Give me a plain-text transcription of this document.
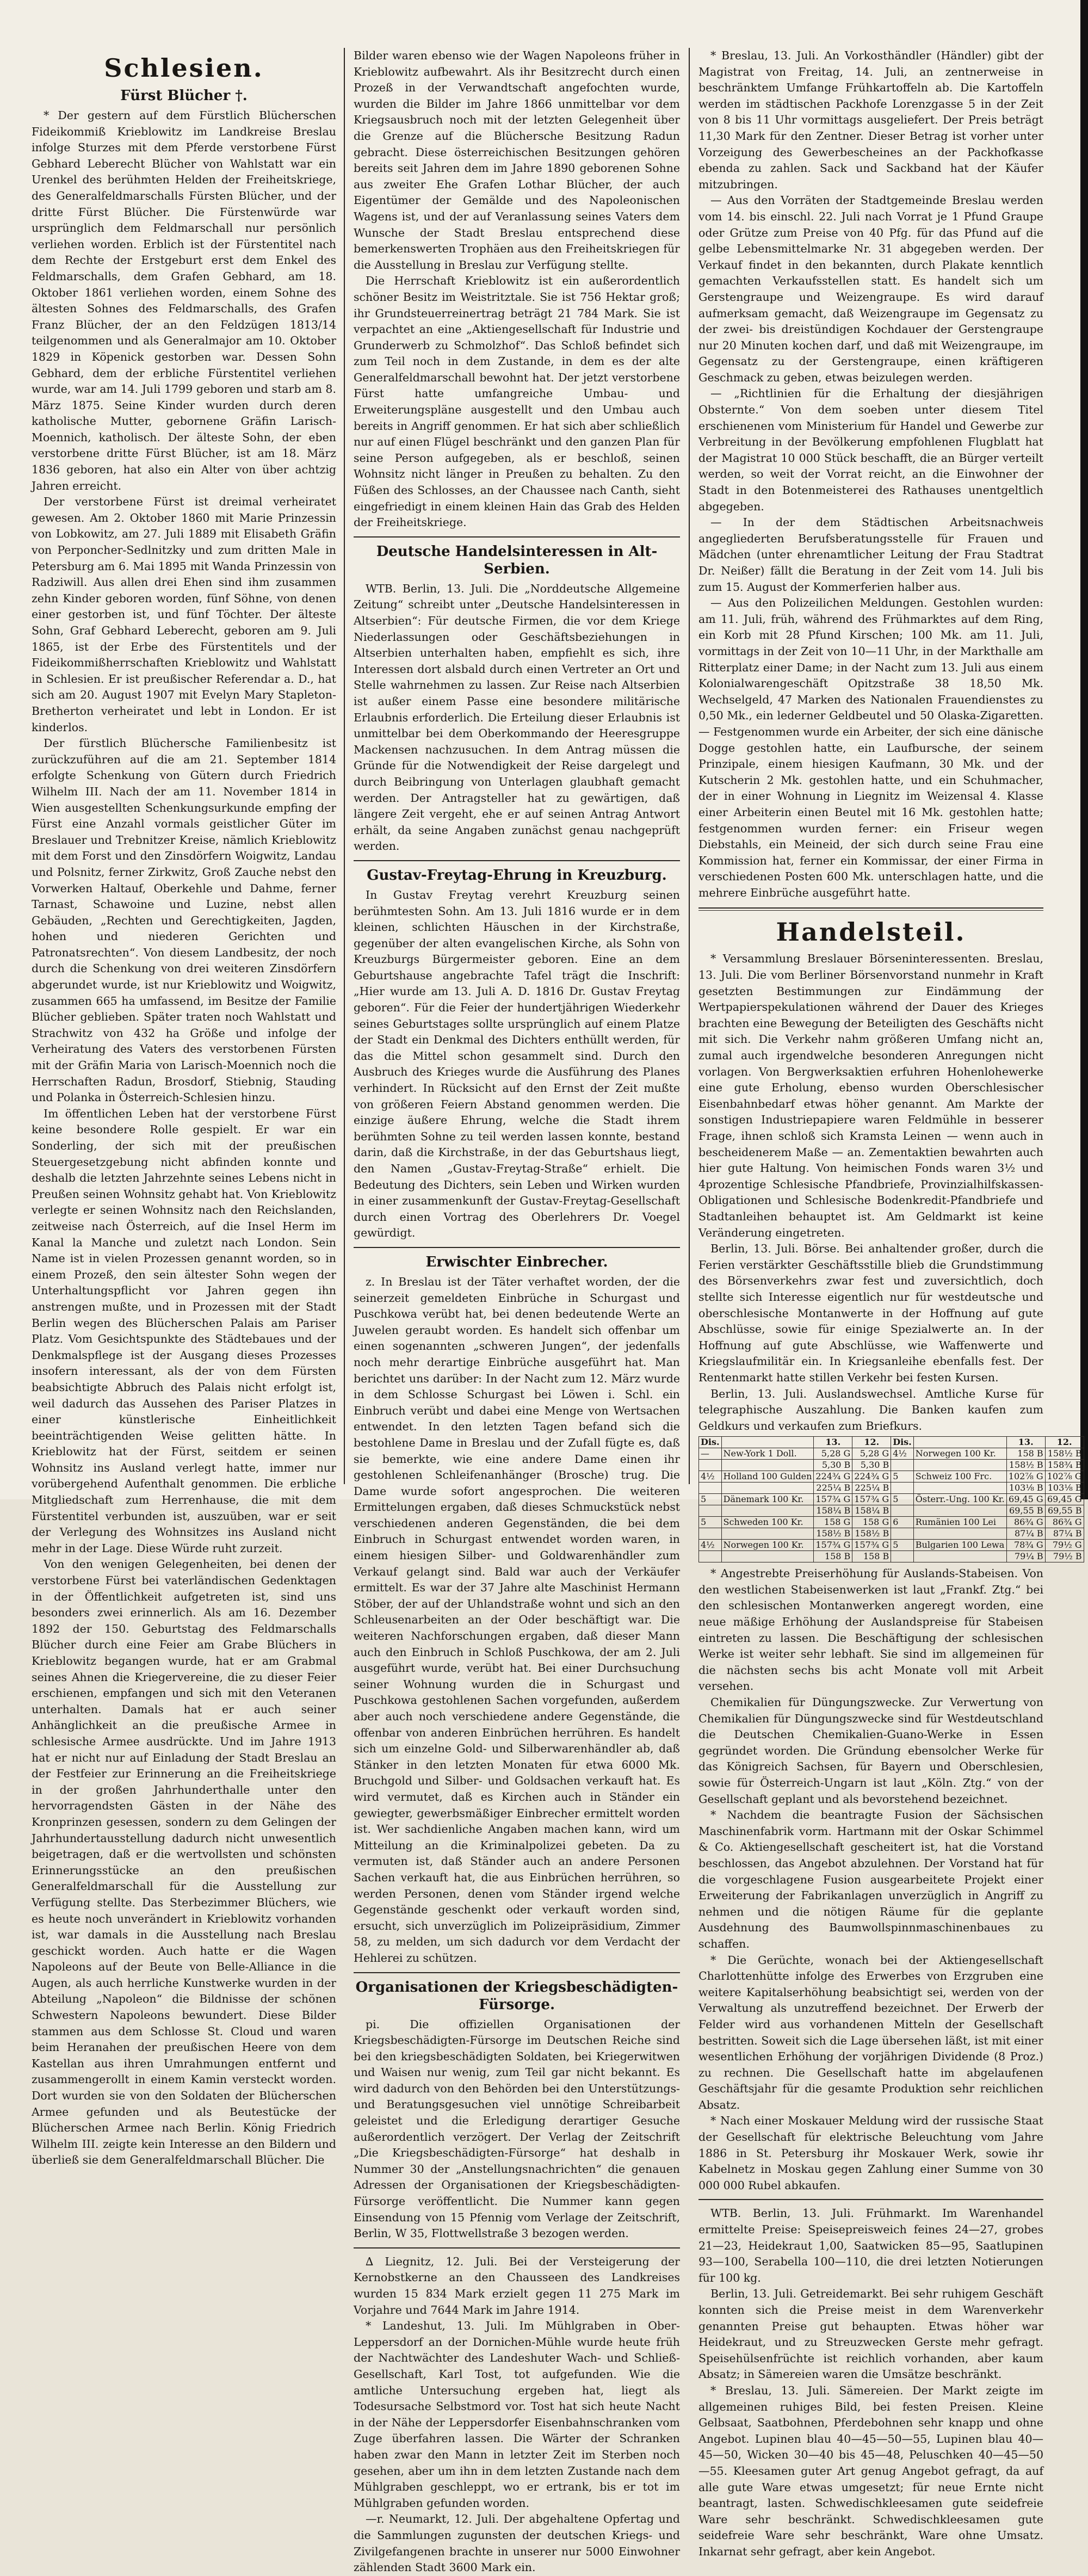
Schlesien.
Fürst Blücher †.

* Der gestern auf dem Fürstlich Blücherschen Fideikommiß Krieblowitz im Landkreise Breslau infolge Sturzes mit dem Pferde verstorbene Fürst Gebhard Leberecht Blücher von Wahlstatt war ein Urenkel des berühmten Helden der Freiheitskriege, des Generalfeldmarschalls Fürsten Blücher, und der dritte Fürst Blücher. Die Fürstenwürde war ursprünglich dem Feldmarschall nur persönlich verliehen worden. Erblich ist der Fürstentitel nach dem Rechte der Erstgeburt erst dem Enkel des Feldmarschalls, dem Grafen Gebhard, am 18. Oktober 1861 verliehen worden, einem Sohne des ältesten Sohnes des Feldmarschalls, des Grafen Franz Blücher, der an den Feldzügen 1813/14 teilgenommen und als Generalmajor am 10. Oktober 1829 in Köpenick gestorben war. Dessen Sohn Gebhard, dem der erbliche Fürstentitel verliehen wurde, war am 14. Juli 1799 geboren und starb am 8. März 1875. Seine Kinder wurden durch deren katholische Mutter, gebornene Gräfin Larisch-Moennich, katholisch. Der älteste Sohn, der eben verstorbene dritte Fürst Blücher, ist am 18. März 1836 geboren, hat also ein Alter von über achtzig Jahren erreicht.

Der verstorbene Fürst ist dreimal verheiratet gewesen. Am 2. Oktober 1860 mit Marie Prinzessin von Lobkowitz, am 27. Juli 1889 mit Elisabeth Gräfin von Perponcher-Sedlnitzky und zum dritten Male in Petersburg am 6. Mai 1895 mit Wanda Prinzessin von Radziwill. Aus allen drei Ehen sind ihm zusammen zehn Kinder geboren worden, fünf Söhne, von denen einer gestorben ist, und fünf Töchter. Der älteste Sohn, Graf Gebhard Leberecht, geboren am 9. Juli 1865, ist der Erbe des Fürstentitels und der Fideikommißherrschaften Krieblowitz und Wahlstatt in Schlesien. Er ist preußischer Referendar a. D., hat sich am 20. August 1907 mit Evelyn Mary Stapleton-Bretherton verheiratet und lebt in London. Er ist kinderlos.

Der fürstlich Blüchersche Familienbesitz ist zurückzuführen auf die am 21. September 1814 erfolgte Schenkung von Gütern durch Friedrich Wilhelm III. Nach der am 11. November 1814 in Wien ausgestellten Schenkungsurkunde empfing der Fürst eine Anzahl vormals geistlicher Güter im Breslauer und Trebnitzer Kreise, nämlich Krieblowitz mit dem Forst und den Zinsdörfern Woigwitz, Landau und Polsnitz, ferner Zirkwitz, Groß Zauche nebst den Vorwerken Haltauf, Oberkehle und Dahme, ferner Tarnast, Schawoine und Luzine, nebst allen Gebäuden, „Rechten und Gerechtigkeiten, Jagden, hohen und niederen Gerichten und Patronatsrechten“. Von diesem Landbesitz, der noch durch die Schenkung von drei weiteren Zinsdörfern abgerundet wurde, ist nur Krieblowitz und Woigwitz, zusammen 665 ha umfassend, im Besitze der Familie Blücher geblieben. Später traten noch Wahlstatt und Strachwitz von 432 ha Größe und infolge der Verheiratung des Vaters des verstorbenen Fürsten mit der Gräfin Maria von Larisch-Moennich noch die Herrschaften Radun, Brosdorf, Stiebnig, Stauding und Polanka in Österreich-Schlesien hinzu.

Im öffentlichen Leben hat der verstorbene Fürst keine besondere Rolle gespielt. Er war ein Sonderling, der sich mit der preußischen Steuergesetzgebung nicht abfinden konnte und deshalb die letzten Jahrzehnte seines Lebens nicht in Preußen seinen Wohnsitz gehabt hat. Von Krieblowitz verlegte er seinen Wohnsitz nach den Reichslanden, zeitweise nach Österreich, auf die Insel Herm im Kanal la Manche und zuletzt nach London. Sein Name ist in vielen Prozessen genannt worden, so in einem Prozeß, den sein ältester Sohn wegen der Unterhaltungspflicht vor Jahren gegen ihn anstrengen mußte, und in Prozessen mit der Stadt Berlin wegen des Blücherschen Palais am Pariser Platz. Vom Gesichtspunkte des Städtebaues und der Denkmalspflege ist der Ausgang dieses Prozesses insofern interessant, als der von dem Fürsten beabsichtigte Abbruch des Palais nicht erfolgt ist, weil dadurch das Aussehen des Pariser Platzes in einer künstlerische Einheitlichkeit beeinträchtigenden Weise gelitten hätte. In Krieblowitz hat der Fürst, seitdem er seinen Wohnsitz ins Ausland verlegt hatte, immer nur vorübergehend Aufenthalt genommen. Die erbliche Mitgliedschaft zum Herrenhause, die mit dem Fürstentitel verbunden ist, auszuüben, war er seit der Verlegung des Wohnsitzes ins Ausland nicht mehr in der Lage. Diese Würde ruht zurzeit.

Von den wenigen Gelegenheiten, bei denen der verstorbene Fürst bei vaterländischen Gedenktagen in der Öffentlichkeit aufgetreten ist, sind uns besonders zwei erinnerlich. Als am 16. Dezember 1892 der 150. Geburtstag des Feldmarschalls Blücher durch eine Feier am Grabe Blüchers in Krieblowitz begangen wurde, hat er am Grabmal seines Ahnen die Kriegervereine, die zu dieser Feier erschienen, empfangen und sich mit den Veteranen unterhalten. Damals hat er auch seiner Anhänglichkeit an die preußische Armee in schlesische Armee ausdrückte. Und im Jahre 1913 hat er nicht nur auf Einladung der Stadt Breslau an der Festfeier zur Erinnerung an die Freiheitskriege in der großen Jahrhunderthalle unter den hervorragendsten Gästen in der Nähe des Kronprinzen gesessen, sondern zu dem Gelingen der Jahrhundertausstellung dadurch nicht unwesentlich beigetragen, daß er die wertvollsten und schönsten Erinnerungsstücke an den preußischen Generalfeldmarschall für die Ausstellung zur Verfügung stellte. Das Sterbezimmer Blüchers, wie es heute noch unverändert in Krieblowitz vorhanden ist, war damals in die Ausstellung nach Breslau geschickt worden. Auch hatte er die Wagen Napoleons auf der Beute von Belle-Alliance in die Augen, als auch herrliche Kunstwerke wurden in der Abteilung „Napoleon“ die Bildnisse der schönen Schwestern Napoleons bewundert. Diese Bilder stammen aus dem Schlosse St. Cloud und waren beim Heranahen der preußischen Heere von dem Kastellan aus ihren Umrahmungen entfernt und zusammengerollt in einem Kamin versteckt worden. Dort wurden sie von den Soldaten der Blücherschen Armee gefunden und als Beutestücke der Blücherschen Armee nach Berlin. König Friedrich Wilhelm III. zeigte kein Interesse an den Bildern und überließ sie dem Generalfeldmarschall Blücher. Die

Bilder waren ebenso wie der Wagen Napoleons früher in Krieblowitz aufbewahrt. Als ihr Besitzrecht durch einen Prozeß in der Verwandtschaft angefochten wurde, wurden die Bilder im Jahre 1866 unmittelbar vor dem Kriegsausbruch noch mit der letzten Gelegenheit über die Grenze auf die Blüchersche Besitzung Radun gebracht. Diese österreichischen Besitzungen gehören bereits seit Jahren dem im Jahre 1890 geborenen Sohne aus zweiter Ehe Grafen Lothar Blücher, der auch Eigentümer der Gemälde und des Napoleonischen Wagens ist, und der auf Veranlassung seines Vaters dem Wunsche der Stadt Breslau entsprechend diese bemerkenswerten Trophäen aus den Freiheitskriegen für die Ausstellung in Breslau zur Verfügung stellte.

Die Herrschaft Krieblowitz ist ein außerordentlich schöner Besitz im Weistritztale. Sie ist 756 Hektar groß; ihr Grundsteuerreinertrag beträgt 21 784 Mark. Sie ist verpachtet an eine „Aktiengesellschaft für Industrie und Grunderwerb zu Schmolzhof“. Das Schloß befindet sich zum Teil noch in dem Zustande, in dem es der alte Generalfeldmarschall bewohnt hat. Der jetzt verstorbene Fürst hatte umfangreiche Umbau- und Erweiterungspläne ausgestellt und den Umbau auch bereits in Angriff genommen. Er hat sich aber schließlich nur auf einen Flügel beschränkt und den ganzen Plan für seine Person aufgegeben, als er beschloß, seinen Wohnsitz nicht länger in Preußen zu behalten. Zu den Füßen des Schlosses, an der Chaussee nach Canth, sieht eingefriedigt in einem kleinen Hain das Grab des Helden der Freiheitskriege.

Deutsche Handelsinteressen in Alt-Serbien.

WTB. Berlin, 13. Juli. Die „Norddeutsche Allgemeine Zeitung“ schreibt unter „Deutsche Handelsinteressen in Altserbien“: Für deutsche Firmen, die vor dem Kriege Niederlassungen oder Geschäftsbeziehungen in Altserbien unterhalten haben, empfiehlt es sich, ihre Interessen dort alsbald durch einen Vertreter an Ort und Stelle wahrnehmen zu lassen. Zur Reise nach Altserbien ist außer einem Passe eine besondere militärische Erlaubnis erforderlich. Die Erteilung dieser Erlaubnis ist unmittelbar bei dem Oberkommando der Heeresgruppe Mackensen nachzusuchen. In dem Antrag müssen die Gründe für die Notwendigkeit der Reise dargelegt und durch Beibringung von Unterlagen glaubhaft gemacht werden. Der Antragsteller hat zu gewärtigen, daß längere Zeit vergeht, ehe er auf seinen Antrag Antwort erhält, da seine Angaben zunächst genau nachgeprüft werden.

Gustav-Freytag-Ehrung in Kreuzburg.

In Gustav Freytag verehrt Kreuzburg seinen berühmtesten Sohn. Am 13. Juli 1816 wurde er in dem kleinen, schlichten Häuschen in der Kirchstraße, gegenüber der alten evangelischen Kirche, als Sohn von Kreuzburgs Bürgermeister geboren. Eine an dem Geburtshause angebrachte Tafel trägt die Inschrift: „Hier wurde am 13. Juli A. D. 1816 Dr. Gustav Freytag geboren“. Für die Feier der hundertjährigen Wiederkehr seines Geburtstages sollte ursprünglich auf einem Platze der Stadt ein Denkmal des Dichters enthüllt werden, für das die Mittel schon gesammelt sind. Durch den Ausbruch des Krieges wurde die Ausführung des Planes verhindert. In Rücksicht auf den Ernst der Zeit mußte von größeren Feiern Abstand genommen werden. Die einzige äußere Ehrung, welche die Stadt ihrem berühmten Sohne zu teil werden lassen konnte, bestand darin, daß die Kirchstraße, in der das Geburtshaus liegt, den Namen „Gustav-Freytag-Straße“ erhielt. Die Bedeutung des Dichters, sein Leben und Wirken wurden in einer zusammenkunft der Gustav-Freytag-Gesellschaft durch einen Vortrag des Oberlehrers Dr. Voegel gewürdigt.

Erwischter Einbrecher.

z. In Breslau ist der Täter verhaftet worden, der die seinerzeit gemeldeten Einbrüche in Schurgast und Puschkowa verübt hat, bei denen bedeutende Werte an Juwelen geraubt worden. Es handelt sich offenbar um einen sogenannten „schweren Jungen“, der jedenfalls noch mehr derartige Einbrüche ausgeführt hat. Man berichtet uns darüber: In der Nacht zum 12. März wurde in dem Schlosse Schurgast bei Löwen i. Schl. ein Einbruch verübt und dabei eine Menge von Wertsachen entwendet. In den letzten Tagen befand sich die bestohlene Dame in Breslau und der Zufall fügte es, daß sie bemerkte, wie eine andere Dame einen ihr gestohlenen Schleifenanhänger (Brosche) trug. Die Dame wurde sofort angesprochen. Die weiteren Ermittelungen ergaben, daß dieses Schmuckstück nebst verschiedenen anderen Gegenständen, die bei dem Einbruch in Schurgast entwendet worden waren, in einem hiesigen Silber- und Goldwarenhändler zum Verkauf gelangt sind. Bald war auch der Verkäufer ermittelt. Es war der 37 Jahre alte Maschinist Hermann Stöber, der auf der Uhlandstraße wohnt und sich an den Schleusenarbeiten an der Oder beschäftigt war. Die weiteren Nachforschungen ergaben, daß dieser Mann auch den Einbruch in Schloß Puschkowa, der am 2. Juli ausgeführt wurde, verübt hat. Bei einer Durchsuchung seiner Wohnung wurden die in Schurgast und Puschkowa gestohlenen Sachen vorgefunden, außerdem aber auch noch verschiedene andere Gegenstände, die offenbar von anderen Einbrüchen herrühren. Es handelt sich um einzelne Gold- und Silberwarenhändler ab, daß Stänker in den letzten Monaten für etwa 6000 Mk. Bruchgold und Silber- und Goldsachen verkauft hat. Es wird vermutet, daß es Kirchen auch in Ständer ein gewiegter, gewerbsmäßiger Einbrecher ermittelt worden ist. Wer sachdienliche Angaben machen kann, wird um Mitteilung an die Kriminalpolizei gebeten. Da zu vermuten ist, daß Ständer auch an andere Personen Sachen verkauft hat, die aus Einbrüchen herrühren, so werden Personen, denen vom Ständer irgend welche Gegenstände geschenkt oder verkauft worden sind, ersucht, sich unverzüglich im Polizeipräsidium, Zimmer 58, zu melden, um sich dadurch vor dem Verdacht der Hehlerei zu schützen.

Organisationen der Kriegsbeschädigten-Fürsorge.

pi. Die offiziellen Organisationen der Kriegsbeschädigten-Fürsorge im Deutschen Reiche sind bei den kriegsbeschädigten Soldaten, bei Kriegerwitwen und Waisen nur wenig, zum Teil gar nicht bekannt. Es wird dadurch von den Behörden bei den Unterstützungs- und Beratungsgesuchen viel unnötige Schreibarbeit geleistet und die Erledigung derartiger Gesuche außerordentlich verzögert. Der Verlag der Zeitschrift „Die Kriegsbeschädigten-Fürsorge“ hat deshalb in Nummer 30 der „Anstellungsnachrichten“ die genauen Adressen der Organisationen der Kriegsbeschädigten-Fürsorge veröffentlicht. Die Nummer kann gegen Einsendung von 15 Pfennig vom Verlage der Zeitschrift, Berlin, W 35, Flottwellstraße 3 bezogen werden.

∆ Liegnitz, 12. Juli. Bei der Versteigerung der Kernobstkerne an den Chausseen des Landkreises wurden 15 834 Mark erzielt gegen 11 275 Mark im Vorjahre und 7644 Mark im Jahre 1914.

* Landeshut, 13. Juli. Im Mühlgraben in Ober-Leppersdorf an der Dornichen-Mühle wurde heute früh der Nachtwächter des Landeshuter Wach- und Schließ-Gesellschaft, Karl Tost, tot aufgefunden. Wie die amtliche Untersuchung ergeben hat, liegt als Todesursache Selbstmord vor. Tost hat sich heute Nacht in der Nähe der Leppersdorfer Eisenbahnschranken vom Zuge überfahren lassen. Die Wärter der Schranken haben zwar den Mann in letzter Zeit im Sterben noch gesehen, aber um ihn in dem letzten Zustande nach dem Mühlgraben geschleppt, wo er ertrank, bis er tot im Mühlgraben gefunden worden.

—r. Neumarkt, 12. Juli. Der abgehaltene Opfertag und die Sammlungen zugunsten der deutschen Kriegs- und Zivilgefangenen brachte in unserer nur 5000 Einwohner zählenden Stadt 3600 Mark ein.

* Breslau, 13. Juli. An Vorkosthändler (Händler) gibt der Magistrat von Freitag, 14. Juli, an zentnerweise in beschränktem Umfange Frühkartoffeln ab. Die Kartoffeln werden im städtischen Packhofe Lorenzgasse 5 in der Zeit von 8 bis 11 Uhr vormittags ausgeliefert. Der Preis beträgt 11,30 Mark für den Zentner. Dieser Betrag ist vorher unter Vorzeigung des Gewerbescheines an der Packhofkasse ebenda zu zahlen. Sack und Sackband hat der Käufer mitzubringen.

— Aus den Vorräten der Stadtgemeinde Breslau werden vom 14. bis einschl. 22. Juli nach Vorrat je 1 Pfund Graupe oder Grütze zum Preise von 40 Pfg. für das Pfund auf die gelbe Lebensmittelmarke Nr. 31 abgegeben werden. Der Verkauf findet in den bekannten, durch Plakate kenntlich gemachten Verkaufsstellen statt. Es handelt sich um Gerstengraupe und Weizengraupe. Es wird darauf aufmerksam gemacht, daß Weizengraupe im Gegensatz zu der zwei- bis dreistündigen Kochdauer der Gerstengraupe nur 20 Minuten kochen darf, und daß mit Weizengraupe, im Gegensatz zu der Gerstengraupe, einen kräftigeren Geschmack zu geben, etwas beizulegen werden.

— „Richtlinien für die Erhaltung der diesjährigen Obsternte.“ Von dem soeben unter diesem Titel erschienenen vom Ministerium für Handel und Gewerbe zur Verbreitung in der Bevölkerung empfohlenen Flugblatt hat der Magistrat 10 000 Stück beschafft, die an Bürger verteilt werden, so weit der Vorrat reicht, an die Einwohner der Stadt in den Botenmeisterei des Rathauses unentgeltlich abgegeben.

— In der dem Städtischen Arbeitsnachweis angegliederten Berufsberatungsstelle für Frauen und Mädchen (unter ehrenamtlicher Leitung der Frau Stadtrat Dr. Neißer) fällt die Beratung in der Zeit vom 14. Juli bis zum 15. August der Kommerferien halber aus.

— Aus den Polizeilichen Meldungen. Gestohlen wurden: am 11. Juli, früh, während des Frühmarktes auf dem Ring, ein Korb mit 28 Pfund Kirschen; 100 Mk. am 11. Juli, vormittags in der Zeit von 10—11 Uhr, in der Markthalle am Ritterplatz einer Dame; in der Nacht zum 13. Juli aus einem Kolonialwarengeschäft Opitzstraße 38 18,50 Mk. Wechselgeld, 47 Marken des Nationalen Frauendienstes zu 0,50 Mk., ein lederner Geldbeutel und 50 Olaska-Zigaretten. — Festgenommen wurde ein Arbeiter, der sich eine dänische Dogge gestohlen hatte, ein Laufbursche, der seinem Prinzipale, einem hiesigen Kaufmann, 30 Mk. und der Kutscherin 2 Mk. gestohlen hatte, und ein Schuhmacher, der in einer Wohnung in Liegnitz im Weizensal 4. Klasse einer Arbeiterin einen Beutel mit 16 Mk. gestohlen hatte; festgenommen wurden ferner: ein Friseur wegen Diebstahls, ein Meineid, der sich durch seine Frau eine Kommission hat, ferner ein Kommissar, der einer Firma in verschiedenen Posten 600 Mk. unterschlagen hatte, und die mehrere Einbrüche ausgeführt hatte.

Handelsteil.

* Versammlung Breslauer Börseninteressenten. Breslau, 13. Juli. Die vom Berliner Börsenvorstand nunmehr in Kraft gesetzten Bestimmungen zur Eindämmung der Wertpapierspekulationen während der Dauer des Krieges brachten eine Bewegung der Beteiligten des Geschäfts nicht mit sich. Die Verkehr nahm größeren Umfang nicht an, zumal auch irgendwelche besonderen Anregungen nicht vorlagen. Von Bergwerksaktien erfuhren Hohenlohewerke eine gute Erholung, ebenso wurden Oberschlesischer Eisenbahnbedarf etwas höher genannt. Am Markte der sonstigen Industriepapiere waren Feldmühle in besserer Frage, ihnen schloß sich Kramsta Leinen — wenn auch in bescheidenerem Maße — an. Zementaktien bewahrten auch hier gute Haltung. Von heimischen Fonds waren 3½ und 4prozentige Schlesische Pfandbriefe, Provinzialhilfskassen-Obligationen und Schlesische Bodenkredit-Pfandbriefe und Stadtanleihen behauptet ist. Am Geldmarkt ist keine Veränderung eingetreten.

Berlin, 13. Juli. Börse. Bei anhaltender großer, durch die Ferien verstärkter Geschäftsstille blieb die Grundstimmung des Börsenverkehrs zwar fest und zuversichtlich, doch stellte sich Interesse eigentlich nur für westdeutsche und oberschlesische Montanwerte in der Hoffnung auf gute Abschlüsse, sowie für einige Spezialwerte an. In der Hoffnung auf gute Abschlüsse, wie Waffenwerte und Kriegslaufmilitär ein. In Kriegsanleihe ebenfalls fest. Der Rentenmarkt hatte stillen Verkehr bei festen Kursen.

Berlin, 13. Juli. Auslandswechsel. Amtliche Kurse für telegraphische Auszahlung. Die Banken kaufen zum Geldkurs und verkaufen zum Briefkurs.

Dis.		13.	12.	Dis.		13.	12.
—	New-York 1 Doll.	5,28 G	5,28 G	4½	Norwegen 100 Kr.	158 B	158½ B
		5,30 B	5,30 B			158½ B	158¾ B
4½	Holland 100 Gulden	224¾ G	224¾ G	5	Schweiz 100 Frc.	102⅞ G	102⅞ G
		225¼ B	225¼ B			103⅛ B	103⅛ B
5	Dänemark 100 Kr.	157¾ G	157¾ G	5	Österr.-Ung. 100 Kr.	69,45 G	69,45 G
		158¼ B	158¼ B			69,55 B	69,55 B
5	Schweden 100 Kr.	158 G	158 G	6	Rumänien 100 Lei	86¾ G	86¾ G
		158½ B	158½ B			87¼ B	87¼ B
4½	Norwegen 100 Kr.	157¾ G	157¾ G	5	Bulgarien 100 Lewa	78¾ G	79½ G
		158 B	158 B			79¼ B	79½ B

* Angestrebte Preiserhöhung für Auslands-Stabeisen. Von den westlichen Stabeisenwerken ist laut „Frankf. Ztg.“ bei den schlesischen Montanwerken angeregt worden, eine neue mäßige Erhöhung der Auslandspreise für Stabeisen eintreten zu lassen. Die Beschäftigung der schlesischen Werke ist weiter sehr lebhaft. Sie sind im allgemeinen für die nächsten sechs bis acht Monate voll mit Arbeit versehen.

Chemikalien für Düngungszwecke. Zur Verwertung von Chemikalien für Düngungszwecke sind für Westdeutschland die Deutschen Chemikalien-Guano-Werke in Essen gegründet worden. Die Gründung ebensolcher Werke für das Königreich Sachsen, für Bayern und Oberschlesien, sowie für Österreich-Ungarn ist laut „Köln. Ztg.“ von der Gesellschaft geplant und als bevorstehend bezeichnet.

* Nachdem die beantragte Fusion der Sächsischen Maschinenfabrik vorm. Hartmann mit der Oskar Schimmel & Co. Aktiengesellschaft gescheitert ist, hat die Vorstand beschlossen, das Angebot abzulehnen. Der Vorstand hat für die vorgeschlagene Fusion ausgearbeitete Projekt einer Erweiterung der Fabrikanlagen unverzüglich in Angriff zu nehmen und die nötigen Räume für die geplante Ausdehnung des Baumwollspinnmaschinenbaues zu schaffen.

* Die Gerüchte, wonach bei der Aktiengesellschaft Charlottenhütte infolge des Erwerbes von Erzgruben eine weitere Kapitalserhöhung beabsichtigt sei, werden von der Verwaltung als unzutreffend bezeichnet. Der Erwerb der Felder wird aus vorhandenen Mitteln der Gesellschaft bestritten. Soweit sich die Lage übersehen läßt, ist mit einer wesentlichen Erhöhung der vorjährigen Dividende (8 Proz.) zu rechnen. Die Gesellschaft hatte im abgelaufenen Geschäftsjahr für die gesamte Produktion sehr reichlichen Absatz.

* Nach einer Moskauer Meldung wird der russische Staat der Gesellschaft für elektrische Beleuchtung vom Jahre 1886 in St. Petersburg ihr Moskauer Werk, sowie ihr Kabelnetz in Moskau gegen Zahlung einer Summe von 30 000 000 Rubel abkaufen.

WTB. Berlin, 13. Juli. Frühmarkt. Im Warenhandel ermittelte Preise: Speisepreisweich feines 24—27, grobes 21—23, Heidekraut 1,00, Saatwicken 85—95, Saatlupinen 93—100, Serabella 100—110, die drei letzten Notierungen für 100 kg.

Berlin, 13. Juli. Getreidemarkt. Bei sehr ruhigem Geschäft konnten sich die Preise meist in dem Warenverkehr genannten Preise gut behaupten. Etwas höher war Heidekraut, und zu Streuzwecken Gerste mehr gefragt. Speisehülsenfrüchte ist reichlich vorhanden, aber kaum Absatz; in Sämereien waren die Umsätze beschränkt.

* Breslau, 13. Juli. Sämereien. Der Markt zeigte im allgemeinen ruhiges Bild, bei festen Preisen. Kleine Gelbsaat, Saatbohnen, Pferdebohnen sehr knapp und ohne Angebot. Lupinen blau 40—45—50—55, Lupinen blau 40—45—50, Wicken 30—40 bis 45—48, Peluschken 40—45—50—55. Kleesamen guter Art genug Angebot gefragt, da auf alle gute Ware etwas umgesetzt; für neue Ernte nicht beantragt, lasten. Schwedischkleesamen gute seidefreie Ware sehr beschränkt. Schwedischkleesamen gute seidefreie Ware sehr beschränkt, Ware ohne Umsatz. Inkarnat sehr gefragt, aber kein Angebot.
